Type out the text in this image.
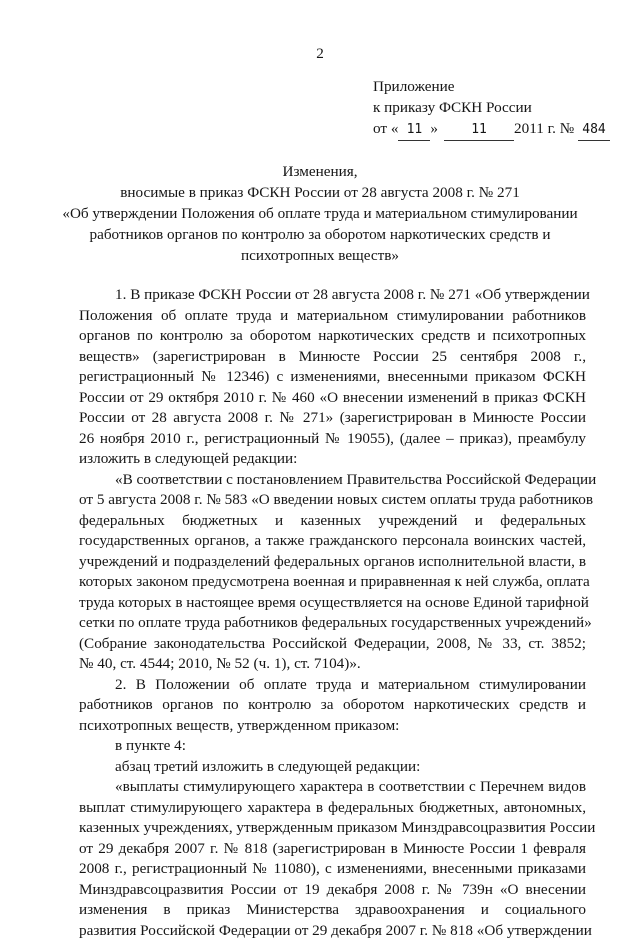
2
Приложение
к приказу ФСКН России
от « 11 »	11 2011 г. № 484
Изменения,
вносимые в приказ ФСКН России от 28 августа 2008 г. № 271
«Об утверждении Положения об оплате труда и материальном стимулировании
работников органов по контролю за оборотом наркотических средств и
психотропных веществ»
1. В приказе ФСКН России от 28 августа 2008 г. № 271 «Об утверждении
Положения об оплате труда и материальном стимулировании работников
органов по контролю за оборотом наркотических средств и психотропных
веществ» (зарегистрирован в Минюсте России 25 сентября 2008 г.,
регистрационный № 12346) с изменениями, внесенными приказом ФСКН
России от 29 октября 2010 г. № 460 «О внесении изменений в приказ ФСКН
России от 28 августа 2008 г. № 271» (зарегистрирован в Минюсте России
26 ноября 2010 г., регистрационный № 19055), (далее – приказ), преамбулу
изложить в следующей редакции:
«В соответствии с постановлением Правительства Российской Федерации
от 5 августа 2008 г. № 583 «О введении новых систем оплаты труда работников
федеральных бюджетных и казенных учреждений и федеральных
государственных органов, а также гражданского персонала воинских частей,
учреждений и подразделений федеральных органов исполнительной власти, в
которых законом предусмотрена военная и приравненная к ней служба, оплата
труда которых в настоящее время осуществляется на основе Единой тарифной
сетки по оплате труда работников федеральных государственных учреждений»
(Собрание законодательства Российской Федерации, 2008, № 33, ст. 3852;
№ 40, ст. 4544; 2010, № 52 (ч. 1), ст. 7104)».
2. В Положении об оплате труда и материальном стимулировании
работников органов по контролю за оборотом наркотических средств и
психотропных веществ, утвержденном приказом:
в пункте 4:
абзац третий изложить в следующей редакции:
«выплаты стимулирующего характера в соответствии с Перечнем видов
выплат стимулирующего характера в федеральных бюджетных, автономных,
казенных учреждениях, утвержденным приказом Минздравсоцразвития России
от 29 декабря 2007 г. № 818 (зарегистрирован в Минюсте России 1 февраля
2008 г., регистрационный № 11080), с изменениями, внесенными приказами
Минздравсоцразвития России от 19 декабря 2008 г. № 739н «О внесении
изменения в приказ Министерства здравоохранения и социального
развития Российской Федерации от 29 декабря 2007 г. № 818 «Об утверждении
